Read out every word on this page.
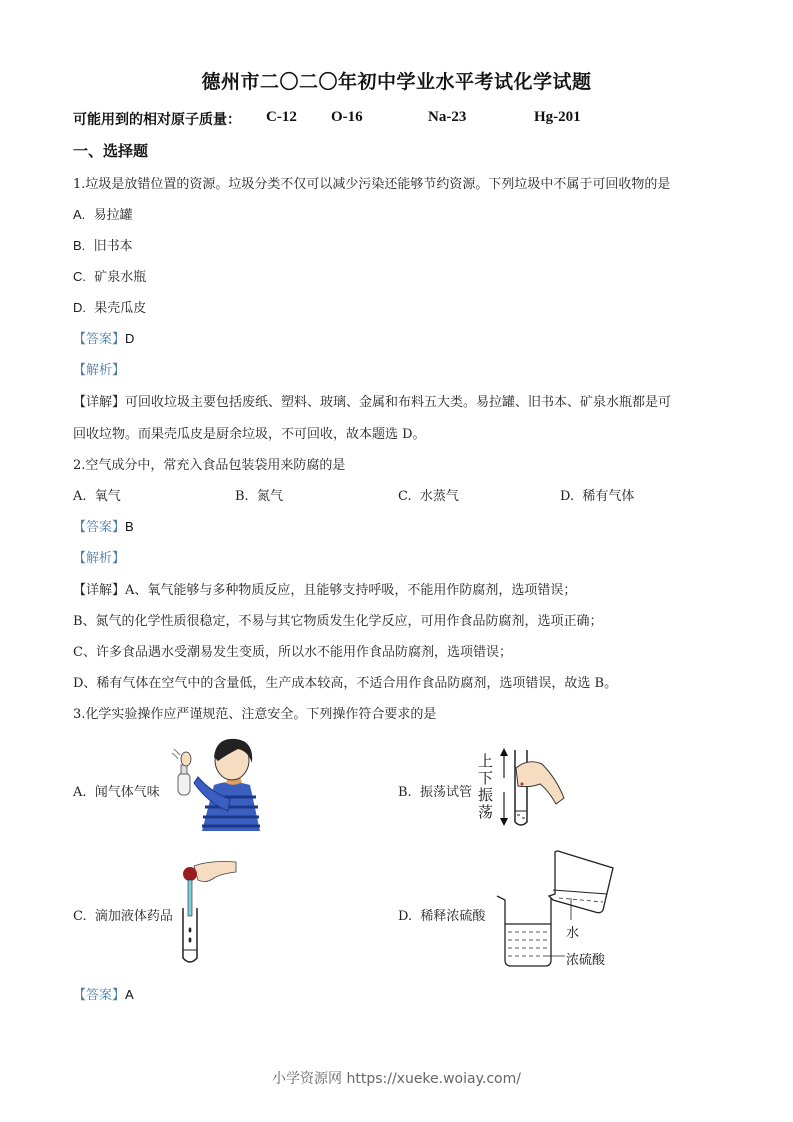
德州市二〇二〇年初中学业水平考试化学试题
可能用到的相对原子质量： C-12 O-16	Na-23	Hg-201
一、选择题
1.垃圾是放错位置的资源。垃圾分类不仅可以减少污染还能够节约资源。下列垃圾中不属于可回收物的是
A. 易拉罐
B. 旧书本
C. 矿泉水瓶
D. 果壳瓜皮
【答案】D
【解析】
【详解】可回收垃圾主要包括废纸、塑料、玻璃、金属和布料五大类。易拉罐、旧书本、矿泉水瓶都是可
回收垃物。而果壳瓜皮是厨余垃圾，不可回收，故本题选 D。
2.空气成分中，常充入食品包装袋用来防腐的是
A. 氧气	B. 氮气	C. 水蒸气	D. 稀有气体
【答案】B
【解析】
【详解】A、氧气能够与多种物质反应，且能够支持呼吸，不能用作防腐剂，选项错误；
B、氮气的化学性质很稳定，不易与其它物质发生化学反应，可用作食品防腐剂，选项正确；
C、许多食品遇水受潮易发生变质，所以水不能用作食品防腐剂，选项错误；
D、稀有气体在空气中的含量低，生产成本较高，不适合用作食品防腐剂，选项错误，故选 B。
3.化学实验操作应严谨规范、注意安全。下列操作符合要求的是
A. 闻气体气味	B. 振荡试管
上
下
振
荡
C. 滴加液体药品	D. 稀释浓硫酸
水
浓硫酸
【答案】A
小学资源网 https://xueke.woiay.com/
